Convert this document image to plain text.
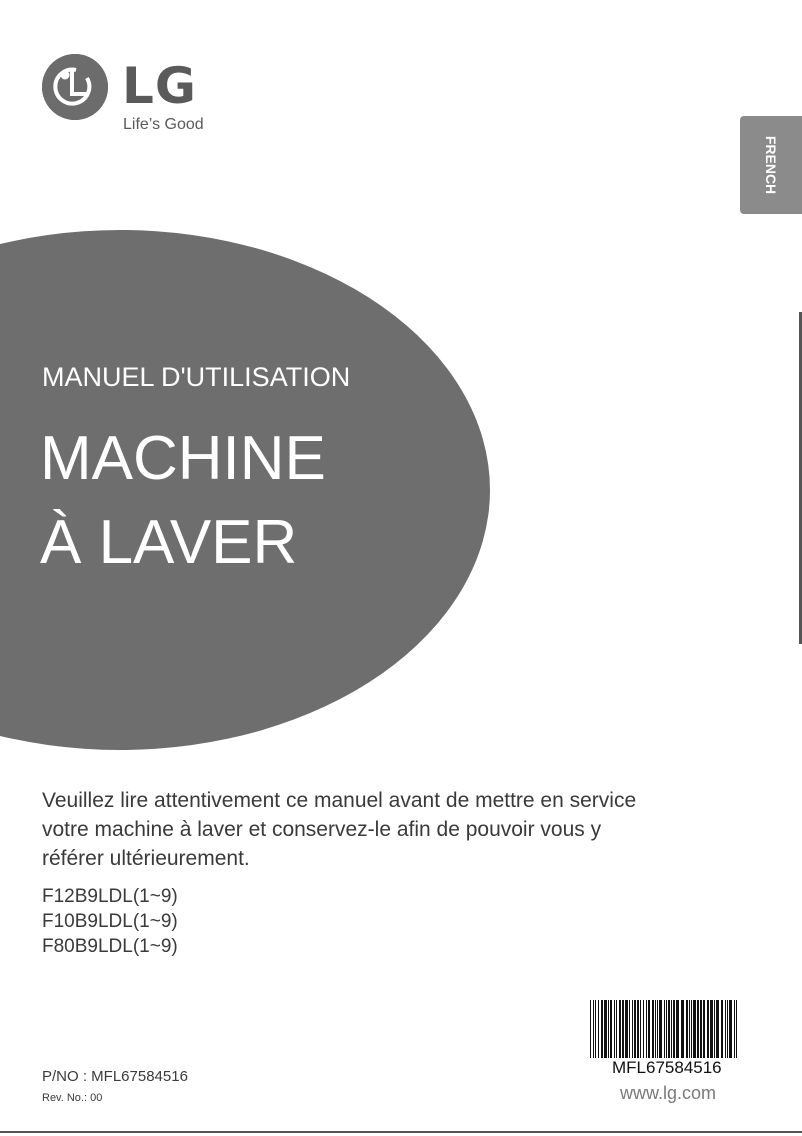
LG
Life’s Good
FRENCH
MANUEL D'UTILISATION
MACHINE
À LAVER
Veuillez lire attentivement ce manuel avant de mettre en service votre machine à laver et conservez-le afin de pouvoir vous y référer ultérieurement.
F12B9LDL(1~9)
F10B9LDL(1~9)
F80B9LDL(1~9)
MFL67584516
P/NO : MFL67584516
Rev. No.: 00	www.lg.com
